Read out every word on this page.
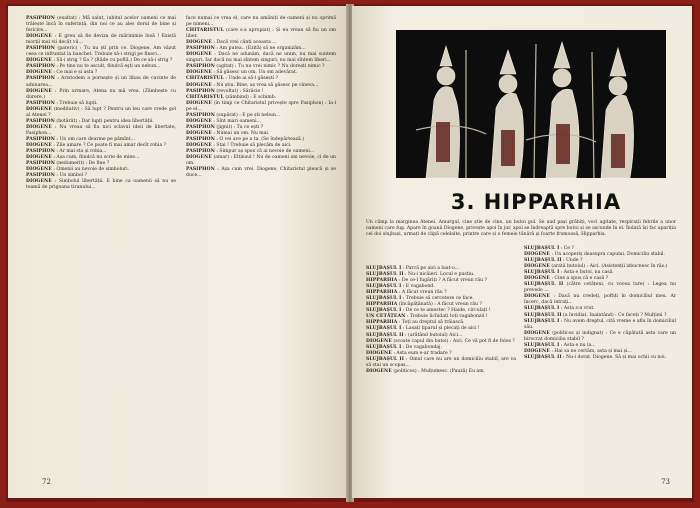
PASIPHON (exaltat) : Mă salut, iubitul acelor oameni ce mai trăiește încă în suferință, din noi ce au ales dorul de bine și fericire...

DIOGENE : E greu să fie deviza de mărinimie însă ! Există morții mai vii decât vii...

PASIPHON (pateric) : Tu nu ști prin ce. Diogene. Am văzut ceea ce infruntat la banchet. Trebuie să-i strigi pe fineri...

DIOGENE : Să-i strig ? Ea ? (Râde cu poftă.) De ce să-i strig ?

PASIPHON : Pe tine nu te ascult, fiindcă eşti un nebun...

DIOGENE : Ce mai e și asta ?

PASIPHON : Aristodem a pornește și un libau de cuvinte de adunarea...

DIOGENE : Prin urmare, Atena nu mă vrea. (Zâmbește cu durere.)

PASIPHON : Trebuie să lupți.

DIOGENE (meditativ) : Să lupt ? Pentru un leu care crede gol al Atenei ?

PASIPHON (hotărât) : Dar lupți pentru idea libertății.

DIOGENE : Nu vreau să fiu nici sclavul ideii de libertate, Pasiphon...

PASIPHON : Un om care dearme pe pămînt...

DIOGENE : Zile amare ? Ce poate fi mai amar decît robia ?

PASIPHON : Ar mai sta și robia...

DIOGENE : Așa cum, fiindcă nu scrie de mine...

PASIPHON (nedumerit) : De fine ?

DIOGENE : Omenii au nevoie de simboluri.

PASIPHON : Un simbol ?

DIOGENE : Simbolul libertății. E bine ca oamenii să nu se teamă de prigoana tiranului...

face numai ce vrea el, care nu amâniți de oameni și nu oprimă pe nimeni...

CHITARISTUL (care s-a apropiat) : Și eu vreau să fiu un om liber.

DIOGENE : Dacă vrei cânți aceasta ...

PASIPHON : Am putea.. (Ezită) să ne organizăm...

DIOGENE : Dacă ne adunăm, dacă ne unim, nu mai suntem singuri. Iar dacă nu mai sîntem singuri, nu mai sîntem liberi...

PASIPHON (agitat) : Tu nu vrei nimic ? Nu dorești nimic ?

DIOGENE : Să găsesc un om. Un om adevărat.

CHITARISTUL : Unde ai să-l găsești ?

DIOGENE : Nu știu. Bine, aș vrea să găsesc pe cineva...

PASIPHON (revoltat) : Sărăcie !

CHITARISTUL (zâmbind) : E schimb.

DIOGENE (în timp ce Chitaristul privește spre Pasiphon) : Ia-l pe el...

PASIPHON (supărat) : E pe ști nebun...

DIOGENE : Sînt mari oameni...

PASIPHON (jignit) : Tu ce ești ?

DIOGENE : Numai un om. Nu mai.

PASIPHON : O vei ave pe a ta. (Se îndepărtează.)

DIOGENE : Stai ! Trebuie să plecăm de aici.

PASIPHON : Simpur aș spus că ai nevoie de oameni...

DIOGENE (amar) : Eltinsul ! Nu de oameni am nevoie, ci de un om.

PASIPHON : Așa cum vrei. Diogene, Chitaristul pleacă și se duce...

72
3. HIPPARHIA
Un câmp la marginea Atenei. Amurgul, cine știe de cine, un butoi gol. Se aud pași grăbiți, voci agitate, respirații febrile a unor oameni care fug. Apare în goană Diogene, privește apoi în jur, apoi se îndreaptă spre butoi și se ascunde în el. Îndată își fac apariția cei doi slujbași, urmați de clipă celelalte, printre care și o femeie tânără și foarte frumoasă, Hipparhia.

SLUJBAȘUL I : Parcă pe aici a luat-o...

SLUJBAȘUL II : Nu-i nicăieri. Locul e pustiu.

HIPPARHIA : De ce-l fugăriți ? A făcut vreun rău ?

SLUJBAȘUL I : E vagabond.

HIPPARHIA : A făcut vreun rău ?

SLUJBAȘUL I : Trebuie să cerceteze ce face.

HIPPARHIA (încăpățânată) : A făcut vreun rău ?

SLUJBAȘUL I : De ce te amestec ? Haide, circulați !

UN CETĂȚEAN : Trebuie lichidați toți vagabonzii !

HIPPARHIA : Toți au dreptul să trăiască.

SLUJBAȘUL I : Lasați țiparul și plecați de aici !

SLUJBAȘUL II : (arătând butoiul) Aici...

DIOGENE (scoate capul din butoi) : Aici. Ce vă pot fi de folos ?

SLUJBAȘUL I : De vagabondaj.

DIOGENE : Asta eum e-ar tradare ?

SLUJBAȘUL II : Omul care nu are un domiciliu stabil, are va să stai un scopaș...

DIOGENE (politicos) : Mulțumesc. (Pauză) Eu am.

SLUJBAȘUL I : Ce ?

DIOGENE : Un acoperiș deasupra capului. Domiciliu stabil.

SLUJBAȘUL II : Unde ?

DIOGENE (arată butoiul) : Aici. (Asistenții izbucnesc în râs.)

SLUJBAȘUL I : Asta e butoi, nu casă.

DIOGENE : Cine a spus că e casă ?

SLUJBAȘUL II (către cetățeni, cu vocea tare) : Legea nu prevede ...

DIOGENE : Dacă nu credeți, poftiți în domiciliul meu. Ar încerc, dacă intrați...

SLUJBAȘUL I : Asta s-a vrut.

SLUJBAȘUL II (a învidiat. Inaintând) : Ce faceți ? Mulțimi ?

SLUJBAȘUL I : Nu avem dreptul, cită vreme e aflu în domiciliul său.

DIOGENE (politicos și indignat) : Ce e căpătată asta care un birocrat domiciliu stabil ?

SLUJBAȘUL I : Asta e nu la...

DIOGENE : Hai sa ne certăm, asta și mai și...

SLUJBAȘUL II : Nu-i dorat. Diogene. Să și mai ochii cu noi.

73
